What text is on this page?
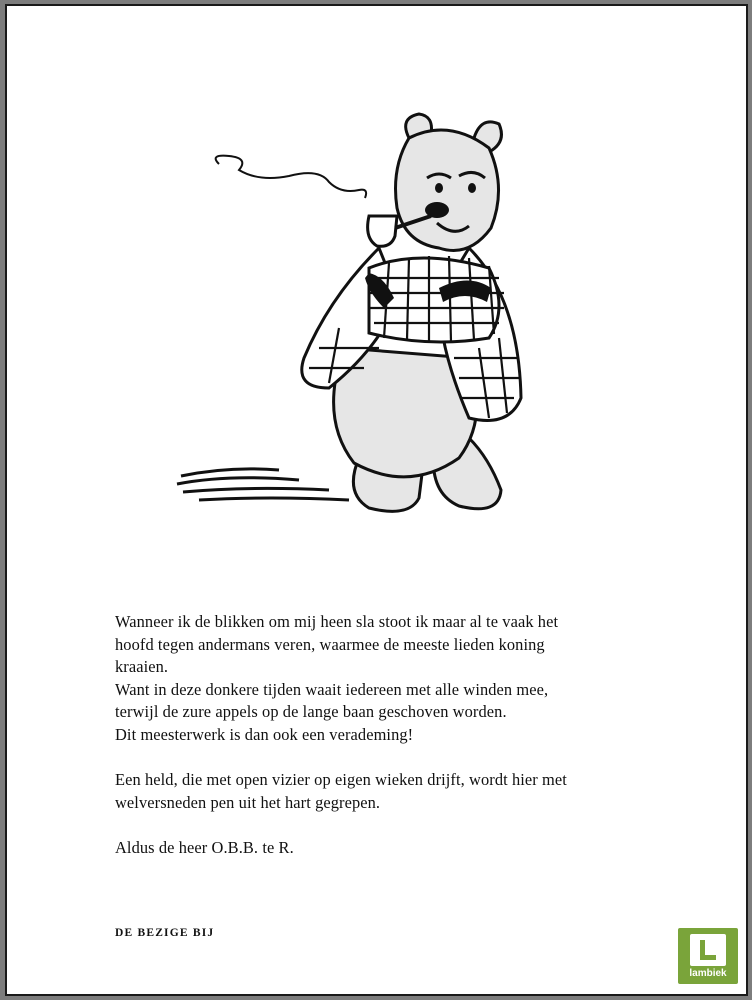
Wanneer ik de blikken om mij heen sla stoot ik maar al te vaak het

hoofd tegen andermans veren, waarmee de meeste lieden koning

kraaien.

Want in deze donkere tijden waait iedereen met alle winden mee,

terwijl de zure appels op de lange baan geschoven worden.

Dit meesterwerk is dan ook een verademing!

Een held, die met open vizier op eigen wieken drijft, wordt hier met

welversneden pen uit het hart gegrepen.

Aldus de heer O.B.B. te R.

DE BEZIGE BIJ
lambiek
